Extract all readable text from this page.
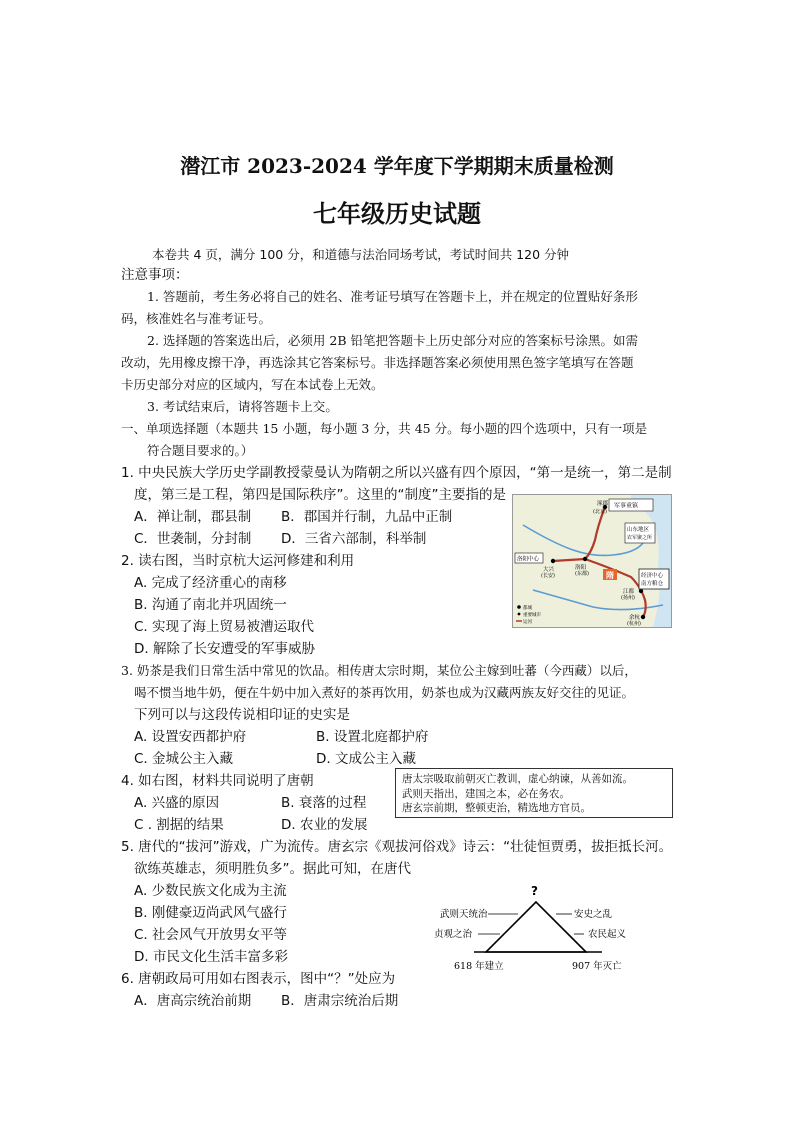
潜江市 2023-2024 学年度下学期期末质量检测
七年级历史试题
本卷共 4 页，满分 100 分，和道德与法治同场考试，考试时间共 120 分钟
注意事项：
1. 答题前，考生务必将自己的姓名、准考证号填写在答题卡上，并在规定的位置贴好条形
码，核准姓名与准考证号。
2. 选择题的答案选出后，必须用 2B 铅笔把答题卡上历史部分对应的答案标号涂黑。如需
改动，先用橡皮擦干净，再选涂其它答案标号。非选择题答案必须使用黑色签字笔填写在答题
卡历史部分对应的区域内，写在本试卷上无效。
3. 考试结束后，请将答题卡上交。
一、单项选择题（本题共 15 小题，每小题 3 分，共 45 分。每小题的四个选项中，只有一项是
符合题目要求的。）
1. 中央民族大学历史学副教授蒙曼认为隋朝之所以兴盛有四个原因，“第一是统一，第二是制
度，第三是工程，第四是国际秩序”。这里的“制度”主要指的是
A．禅让制，郡县制 B．郡国并行制，九品中正制
C．世袭制，分封制 D．三省六部制，科举制
2. 读右图，当时京杭大运河修建和利用
A. 完成了经济重心的南移
B. 沟通了南北并巩固统一
C. 实现了海上贸易被漕运取代
D. 解除了长安遭受的军事威胁
涿郡 军事重镇
(北京)
山东地区
农军聚之所
洛阳中心
洛阳
(东都)
大兴
(长安)	隋
江都
(扬州)
余杭
(杭州)
经济中心
南方粮仓
都城
重要城市
运河
3. 奶茶是我们日常生活中常见的饮品。相传唐太宗时期，某位公主嫁到吐蕃（今西藏）以后，
喝不惯当地牛奶，便在牛奶中加入煮好的茶再饮用，奶茶也成为汉藏两族友好交往的见证。
下列可以与这段传说相印证的史实是
A. 设置安西都护府	B. 设置北庭都护府
C. 金城公主入藏	D. 文成公主入藏
4. 如右图，材料共同说明了唐朝
A. 兴盛的原因	B. 衰落的过程
C . 割据的结果	D. 农业的发展
唐太宗吸取前朝灭亡教训，虚心纳谏，从善如流。
武则天指出，建国之本，必在务农。
唐玄宗前期，整顿吏治，精选地方官员。
5. 唐代的“拔河”游戏，广为流传。唐玄宗《观拔河俗戏》诗云：“壮徒恒贾勇，拔拒抵长河。
欲练英雄志，须明胜负多”。据此可知，在唐代
A. 少数民族文化成为主流
B. 刚健豪迈尚武风气盛行
C. 社会风气开放男女平等
D. 市民文化生活丰富多彩
6. 唐朝政局可用如右图表示，图中“？”处应为
A．唐高宗统治前期 B．唐肃宗统治后期
?
武则天统治
贞观之治
安史之乱
农民起义
618 年建立	907 年灭亡
